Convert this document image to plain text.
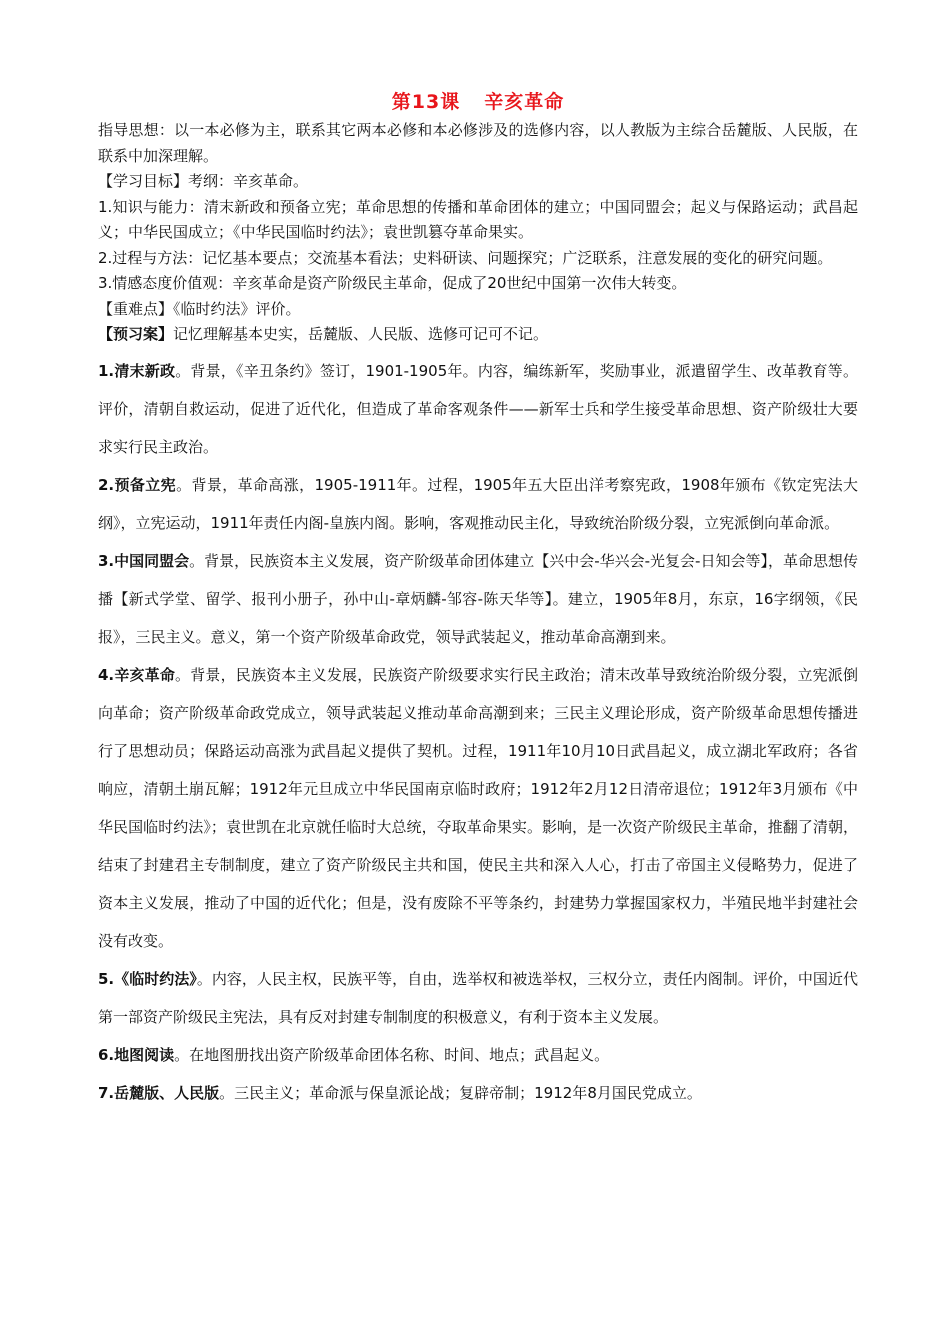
第13课 辛亥革命

指导思想：以一本必修为主，联系其它两本必修和本必修涉及的选修内容，以人教版为主综合岳麓版、人民版，在联系中加深理解。

【学习目标】考纲：辛亥革命。

1.知识与能力：清末新政和预备立宪；革命思想的传播和革命团体的建立；中国同盟会；起义与保路运动；武昌起义；中华民国成立；《中华民国临时约法》；袁世凯篡夺革命果实。

2.过程与方法：记忆基本要点；交流基本看法；史料研读、问题探究；广泛联系，注意发展的变化的研究问题。

3.情感态度价值观：辛亥革命是资产阶级民主革命，促成了20世纪中国第一次伟大转变。

【重难点】《临时约法》评价。

【预习案】记忆理解基本史实，岳麓版、人民版、选修可记可不记。

1.清末新政。背景，《辛丑条约》签订，1901-1905年。内容，编练新军，奖励事业，派遣留学生、改革教育等。评价，清朝自救运动，促进了近代化，但造成了革命客观条件——新军士兵和学生接受革命思想、资产阶级壮大要求实行民主政治。

2.预备立宪。背景，革命高涨，1905-1911年。过程，1905年五大臣出洋考察宪政，1908年颁布《钦定宪法大纲》，立宪运动，1911年责任内阁-皇族内阁。影响，客观推动民主化，导致统治阶级分裂，立宪派倒向革命派。

3.中国同盟会。背景，民族资本主义发展，资产阶级革命团体建立【兴中会-华兴会-光复会-日知会等】，革命思想传播【新式学堂、留学、报刊小册子，孙中山-章炳麟-邹容-陈天华等】。建立，1905年8月，东京，16字纲领，《民报》，三民主义。意义，第一个资产阶级革命政党，领导武装起义，推动革命高潮到来。

4.辛亥革命。背景，民族资本主义发展，民族资产阶级要求实行民主政治；清末改革导致统治阶级分裂，立宪派倒向革命；资产阶级革命政党成立，领导武装起义推动革命高潮到来；三民主义理论形成，资产阶级革命思想传播进行了思想动员；保路运动高涨为武昌起义提供了契机。过程，1911年10月10日武昌起义，成立湖北军政府；各省响应，清朝土崩瓦解；1912年元旦成立中华民国南京临时政府；1912年2月12日清帝退位；1912年3月颁布《中华民国临时约法》；袁世凯在北京就任临时大总统，夺取革命果实。影响，是一次资产阶级民主革命，推翻了清朝，结束了封建君主专制制度，建立了资产阶级民主共和国，使民主共和深入人心，打击了帝国主义侵略势力，促进了资本主义发展，推动了中国的近代化；但是，没有废除不平等条约，封建势力掌握国家权力，半殖民地半封建社会没有改变。

5.《临时约法》。内容，人民主权，民族平等，自由，选举权和被选举权，三权分立，责任内阁制。评价，中国近代第一部资产阶级民主宪法，具有反对封建专制制度的积极意义，有利于资本主义发展。

6.地图阅读。在地图册找出资产阶级革命团体名称、时间、地点；武昌起义。

7.岳麓版、人民版。三民主义；革命派与保皇派论战；复辟帝制；1912年8月国民党成立。
